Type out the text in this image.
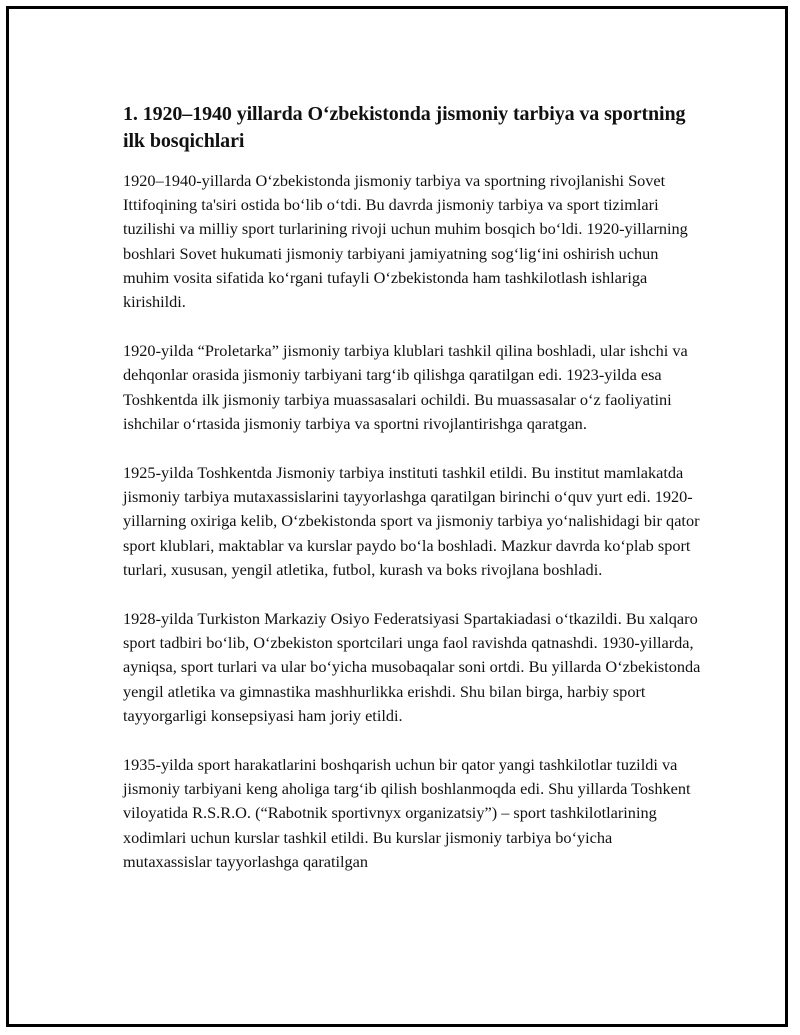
1. 1920–1940 yillarda O‘zbekistonda jismoniy tarbiya va sportning ilk bosqichlari

1920–1940-yillarda O‘zbekistonda jismoniy tarbiya va sportning rivojlanishi Sovet Ittifoqining ta'siri ostida bo‘lib o‘tdi. Bu davrda jismoniy tarbiya va sport tizimlari tuzilishi va milliy sport turlarining rivoji uchun muhim bosqich bo‘ldi. 1920-yillarning boshlari Sovet hukumati jismoniy tarbiyani jamiyatning sog‘lig‘ini oshirish uchun muhim vosita sifatida ko‘rgani tufayli O‘zbekistonda ham tashkilotlash ishlariga kirishildi.

1920-yilda “Proletarka” jismoniy tarbiya klublari tashkil qilina boshladi, ular ishchi va dehqonlar orasida jismoniy tarbiyani targ‘ib qilishga qaratilgan edi. 1923-yilda esa Toshkentda ilk jismoniy tarbiya muassasalari ochildi. Bu muassasalar o‘z faoliyatini ishchilar o‘rtasida jismoniy tarbiya va sportni rivojlantirishga qaratgan.

1925-yilda Toshkentda Jismoniy tarbiya instituti tashkil etildi. Bu institut mamlakatda jismoniy tarbiya mutaxassislarini tayyorlashga qaratilgan birinchi o‘quv yurt edi. 1920-yillarning oxiriga kelib, O‘zbekistonda sport va jismoniy tarbiya yo‘nalishidagi bir qator sport klublari, maktablar va kurslar paydo bo‘la boshladi. Mazkur davrda ko‘plab sport turlari, xususan, yengil atletika, futbol, kurash va boks rivojlana boshladi.

1928-yilda Turkiston Markaziy Osiyo Federatsiyasi Spartakiadasi o‘tkazildi. Bu xalqaro sport tadbiri bo‘lib, O‘zbekiston sportcilari unga faol ravishda qatnashdi. 1930-yillarda, ayniqsa, sport turlari va ular bo‘yicha musobaqalar soni ortdi. Bu yillarda O‘zbekistonda yengil atletika va gimnastika mashhurlikka erishdi. Shu bilan birga, harbiy sport tayyorgarligi konsepsiyasi ham joriy etildi.

1935-yilda sport harakatlarini boshqarish uchun bir qator yangi tashkilotlar tuzildi va jismoniy tarbiyani keng aholiga targ‘ib qilish boshlanmoqda edi. Shu yillarda Toshkent viloyatida R.S.R.O. (“Rabotnik sportivnyx organizatsiy”) – sport tashkilotlarining xodimlari uchun kurslar tashkil etildi. Bu kurslar jismoniy tarbiya bo‘yicha mutaxassislar tayyorlashga qaratilgan
